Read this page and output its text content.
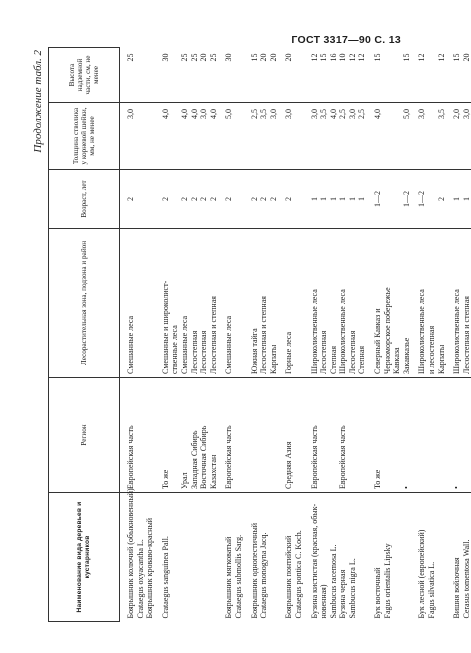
ГОСТ 3317—90 С. 13
Продолжение табл. 2
Наименование вида деревьев и кустарников	Регион	Лесорастительная зона, подзона и район	Возраст, лет	Толщина стволика у корневой шейки, мм, не менее	Высота надземной части, см, не менее

Боярышник колючий (обыкновенный)	Европейская часть	Смешанные леса	2	3,0	25
Crataegus oxyacantha L.					
Боярышник кроваво-красный					

Crataegus sanguinea Pall.	То же	Смешанные и широколист-	2	4,0	30
		ственные леса			
	Урал	Смешанные леса	2	4,0	25
	Западная Сибирь	Лесостепная	2	4,0	25
	Восточная Сибирь	Лесостепная	2	3,0	20
	Казахстан	Лесостепная и степная	2	4,0	25

Боярышник мягковатый	Европейская часть	Смешанные леса	2	5,0	30
Crataegus submollis Sarg.					

Боярышник однопестичный		Южная тайга	2	2,5	15
Crataegus monogyna Jacq.		Лесостепная и степная	2	3,5	20
		Карпаты	2	3,0	20

Боярышник понтийский	Средняя Азия	Горные леса	2	3,0	20
Crataegus pontica C. Koch.					

Бузина кистистая (красная, обык-	Европейская часть	Широколиственные леса	1	3,0	12
новенная)		Лесостепная	1	3,5	15
Sambucus racemosa L.		Степная	1	4,0	16
Бузина черная	Европейская часть	Широколиственные леса	1	2,5	10
Sambucus nigra L.		Лесостепная	1	3,0	12
		Степная	1	2,5	12

Бук восточный	То же	Северный Кавказ и	1—2	4,0	15
Fagus orientalis Lipsky		Черноморское побережье			
		Кавказа			
	•	Закавказье	1—2	5,0	15

Бук лесной (европейский)		Широколиственные леса	1—2	3,0	12
Fagus silvatica L.		и лесостепная			
		Карпаты	2	3,5	12

Вишня войлочная	•	Широколиственные леса	1	2,0	15
Cerasus tomentosa Wall.		Лесостепная и степная	1	3,0	20
